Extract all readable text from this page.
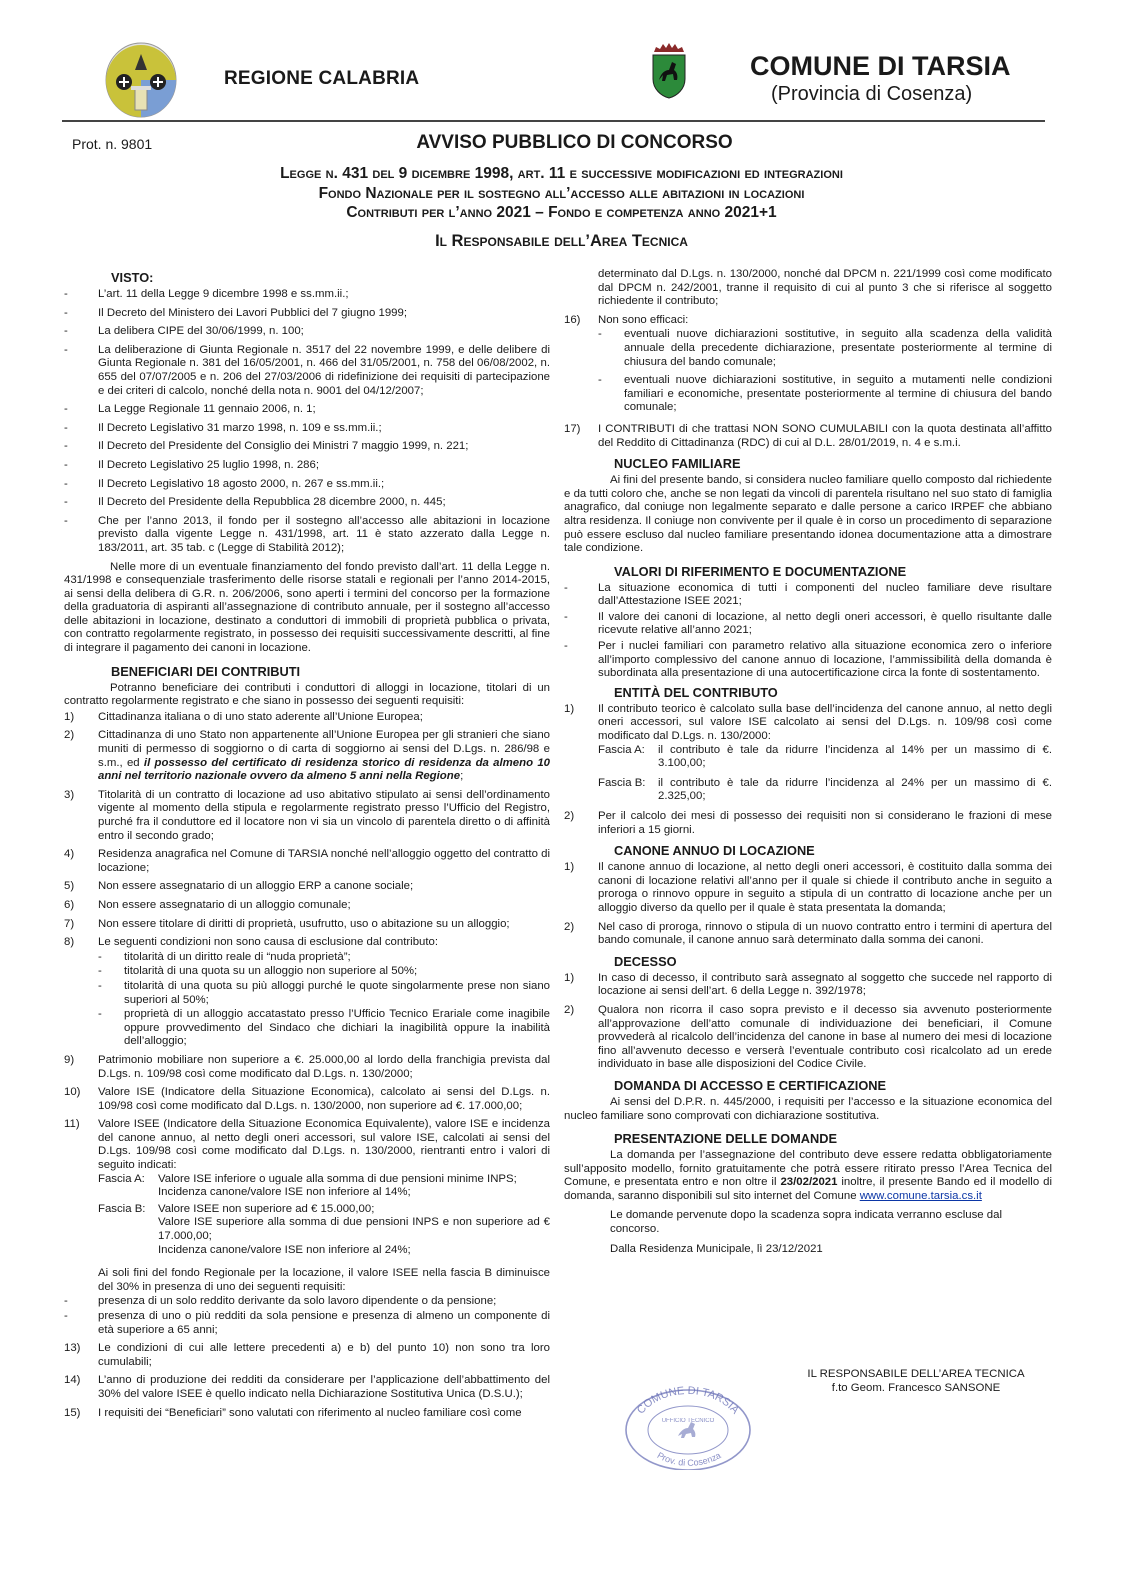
REGIONE CALABRIA	COMUNE DI TARSIA
(Provincia di Cosenza)
Prot. n. 9801	AVVISO PUBBLICO DI CONCORSO
Legge n. 431 del 9 dicembre 1998, art. 11 e successive modificazioni ed integrazioni
Fondo Nazionale per il sostegno all’accesso alle abitazioni in locazioni
Contributi per l’anno 2021 – Fondo e competenza anno 2021+1
Il Responsabile dell’Area Tecnica
VISTO:
-	L’art. 11 della Legge 9 dicembre 1998 e ss.mm.ii.;
-	Il Decreto del Ministero dei Lavori Pubblici del 7 giugno 1999;
-	La delibera CIPE del 30/06/1999, n. 100;
-	La deliberazione di Giunta Regionale n. 3517 del 22 novembre 1999, e delle delibere di Giunta Regionale n. 381 del 16/05/2001, n. 466 del 31/05/2001, n. 758 del 06/08/2002, n. 655 del 07/07/2005 e n. 206 del 27/03/2006 di ridefinizione dei requisiti di partecipazione e dei criteri di calcolo, nonché della nota n. 9001 del 04/12/2007;
-	La Legge Regionale 11 gennaio 2006, n. 1;
-	Il Decreto Legislativo 31 marzo 1998, n. 109 e ss.mm.ii.;
-	Il Decreto del Presidente del Consiglio dei Ministri 7 maggio 1999, n. 221;
-	Il Decreto Legislativo 25 luglio 1998, n. 286;
-	Il Decreto Legislativo 18 agosto 2000, n. 267 e ss.mm.ii.;
-	Il Decreto del Presidente della Repubblica 28 dicembre 2000, n. 445;
-	Che per l’anno 2013, il fondo per il sostegno all’accesso alle abitazioni in locazione previsto dalla vigente Legge n. 431/1998, art. 11 è stato azzerato dalla Legge n. 183/2011, art. 35 tab. c (Legge di Stabilità 2012);
Nelle more di un eventuale finanziamento del fondo previsto dall’art. 11 della Legge n. 431/1998 e consequenziale trasferimento delle risorse statali e regionali per l’anno 2014-2015, ai sensi della delibera di G.R. n. 206/2006, sono aperti i termini del concorso per la formazione della graduatoria di aspiranti all’assegnazione di contributo annuale, per il sostegno all’accesso delle abitazioni in locazione, destinato a conduttori di immobili di proprietà pubblica o privata, con contratto regolarmente registrato, in possesso dei requisiti successivamente descritti, al fine di integrare il pagamento dei canoni in locazione.
BENEFICIARI DEI CONTRIBUTI
Potranno beneficiare dei contributi i conduttori di alloggi in locazione, titolari di un contratto regolarmente registrato e che siano in possesso dei seguenti requisiti:
1)	Cittadinanza italiana o di uno stato aderente all’Unione Europea;
2)	Cittadinanza di uno Stato non appartenente all’Unione Europea per gli stranieri che siano muniti di permesso di soggiorno o di carta di soggiorno ai sensi del D.Lgs. n. 286/98 e s.m., ed il possesso del certificato di residenza storico di residenza da almeno 10 anni nel territorio nazionale ovvero da almeno 5 anni nella Regione;
3)	Titolarità di un contratto di locazione ad uso abitativo stipulato ai sensi dell’ordinamento vigente al momento della stipula e regolarmente registrato presso l’Ufficio del Registro, purché fra il conduttore ed il locatore non vi sia un vincolo di parentela diretto o di affinità entro il secondo grado;
4)	Residenza anagrafica nel Comune di TARSIA nonché nell’alloggio oggetto del contratto di locazione;
5)	Non essere assegnatario di un alloggio ERP a canone sociale;
6)	Non essere assegnatario di un alloggio comunale;
7)	Non essere titolare di diritti di proprietà, usufrutto, uso o abitazione su un alloggio;
8)	Le seguenti condizioni non sono causa di esclusione dal contributo:
-	titolarità di un diritto reale di “nuda proprietà”;
-	titolarità di una quota su un alloggio non superiore al 50%;
-	titolarità di una quota su più alloggi purché le quote singolarmente prese non siano superiori al 50%;
-	proprietà di un alloggio accatastato presso l’Ufficio Tecnico Erariale come inagibile oppure provvedimento del Sindaco che dichiari la inagibilità oppure la inabilità dell’alloggio;
9)	Patrimonio mobiliare non superiore a €. 25.000,00 al lordo della franchigia prevista dal D.Lgs. n. 109/98 così come modificato dal D.Lgs. n. 130/2000;
10)	Valore ISE (Indicatore della Situazione Economica), calcolato ai sensi del D.Lgs. n. 109/98 così come modificato dal D.Lgs. n. 130/2000, non superiore ad €. 17.000,00;
11)	Valore ISEE (Indicatore della Situazione Economica Equivalente), valore ISE e incidenza del canone annuo, al netto degli oneri accessori, sul valore ISE, calcolati ai sensi del D.Lgs. 109/98 così come modificato dal D.Lgs. n. 130/2000, rientranti entro i valori di seguito indicati:
Fascia A:	Valore ISE inferiore o uguale alla somma di due pensioni minime INPS;
Incidenza canone/valore ISE non inferiore al 14%;
Fascia B:	Valore ISEE non superiore ad € 15.000,00;
Valore ISE superiore alla somma di due pensioni INPS e non superiore ad € 17.000,00;
Incidenza canone/valore ISE non inferiore al 24%;
Ai soli fini del fondo Regionale per la locazione, il valore ISEE nella fascia B diminuisce del 30% in presenza di uno dei seguenti requisiti:
-	presenza di un solo reddito derivante da solo lavoro dipendente o da pensione;
-	presenza di uno o più redditi da sola pensione e presenza di almeno un componente di età superiore a 65 anni;
13)	Le condizioni di cui alle lettere precedenti a) e b) del punto 10) non sono tra loro cumulabili;
14)	L’anno di produzione dei redditi da considerare per l’applicazione dell’abbattimento del 30% del valore ISEE è quello indicato nella Dichiarazione Sostitutiva Unica (D.S.U.);
15)	I requisiti dei “Beneficiari” sono valutati con riferimento al nucleo familiare così come
determinato dal D.Lgs. n. 130/2000, nonché dal DPCM n. 221/1999 così come modificato dal DPCM n. 242/2001, tranne il requisito di cui al punto 3 che si riferisce al soggetto richiedente il contributo;
16)	Non sono efficaci:
-	eventuali nuove dichiarazioni sostitutive, in seguito alla scadenza della validità annuale della precedente dichiarazione, presentate posteriormente al termine di chiusura del bando comunale;
-	eventuali nuove dichiarazioni sostitutive, in seguito a mutamenti nelle condizioni familiari e economiche, presentate posteriormente al termine di chiusura del bando comunale;
17)	I CONTRIBUTI di che trattasi NON SONO CUMULABILI con la quota destinata all’affitto del Reddito di Cittadinanza (RDC) di cui al D.L. 28/01/2019, n. 4 e s.m.i.
NUCLEO FAMILIARE
Ai fini del presente bando, si considera nucleo familiare quello composto dal richiedente e da tutti coloro che, anche se non legati da vincoli di parentela risultano nel suo stato di famiglia anagrafico, dal coniuge non legalmente separato e dalle persone a carico IRPEF che abbiano altra residenza. Il coniuge non convivente per il quale è in corso un procedimento di separazione può essere escluso dal nucleo familiare presentando idonea documentazione atta a dimostrare tale condizione.
VALORI DI RIFERIMENTO E DOCUMENTAZIONE
-	La situazione economica di tutti i componenti del nucleo familiare deve risultare dall’Attestazione ISEE 2021;
-	Il valore dei canoni di locazione, al netto degli oneri accessori, è quello risultante dalle ricevute relative all’anno 2021;
-	Per i nuclei familiari con parametro relativo alla situazione economica zero o inferiore all’importo complessivo del canone annuo di locazione, l’ammissibilità della domanda è subordinata alla presentazione di una autocertificazione circa la fonte di sostentamento.
ENTITÀ DEL CONTRIBUTO
1)	Il contributo teorico è calcolato sulla base dell’incidenza del canone annuo, al netto degli oneri accessori, sul valore ISE calcolato ai sensi del D.Lgs. n. 109/98 così come modificato dal D.Lgs. n. 130/2000:
Fascia A:	il contributo è tale da ridurre l’incidenza al 14% per un massimo di €. 3.100,00;
Fascia B:	il contributo è tale da ridurre l’incidenza al 24% per un massimo di €. 2.325,00;
2)	Per il calcolo dei mesi di possesso dei requisiti non si considerano le frazioni di mese inferiori a 15 giorni.
CANONE ANNUO DI LOCAZIONE
1)	Il canone annuo di locazione, al netto degli oneri accessori, è costituito dalla somma dei canoni di locazione relativi all’anno per il quale si chiede il contributo anche in seguito a proroga o rinnovo oppure in seguito a stipula di un contratto di locazione anche per un alloggio diverso da quello per il quale è stata presentata la domanda;
2)	Nel caso di proroga, rinnovo o stipula di un nuovo contratto entro i termini di apertura del bando comunale, il canone annuo sarà determinato dalla somma dei canoni.
DECESSO
1)	In caso di decesso, il contributo sarà assegnato al soggetto che succede nel rapporto di locazione ai sensi dell’art. 6 della Legge n. 392/1978;
2)	Qualora non ricorra il caso sopra previsto e il decesso sia avvenuto posteriormente all’approvazione dell’atto comunale di individuazione dei beneficiari, il Comune provvederà al ricalcolo dell’incidenza del canone in base al numero dei mesi di locazione fino all’avvenuto decesso e verserà l’eventuale contributo così ricalcolato ad un erede individuato in base alle disposizioni del Codice Civile.
DOMANDA DI ACCESSO E CERTIFICAZIONE
Ai sensi del D.P.R. n. 445/2000, i requisiti per l’accesso e la situazione economica del nucleo familiare sono comprovati con dichiarazione sostitutiva.
PRESENTAZIONE DELLE DOMANDE
La domanda per l’assegnazione del contributo deve essere redatta obbligatoriamente sull’apposito modello, fornito gratuitamente che potrà essere ritirato presso l’Area Tecnica del Comune, e presentata entro e non oltre il 23/02/2021 inoltre, il presente Bando ed il modello di domanda, saranno disponibili sul sito internet del Comune www.comune.tarsia.cs.it
Le domande pervenute dopo la scadenza sopra indicata verranno escluse dal concorso.
Dalla Residenza Municipale, lì 23/12/2021
IL RESPONSABILE DELL’AREA TECNICA
f.to Geom. Francesco SANSONE
COMUNE DI TARSIA
UFFICIO TECNICO
Prov. di Cosenza
